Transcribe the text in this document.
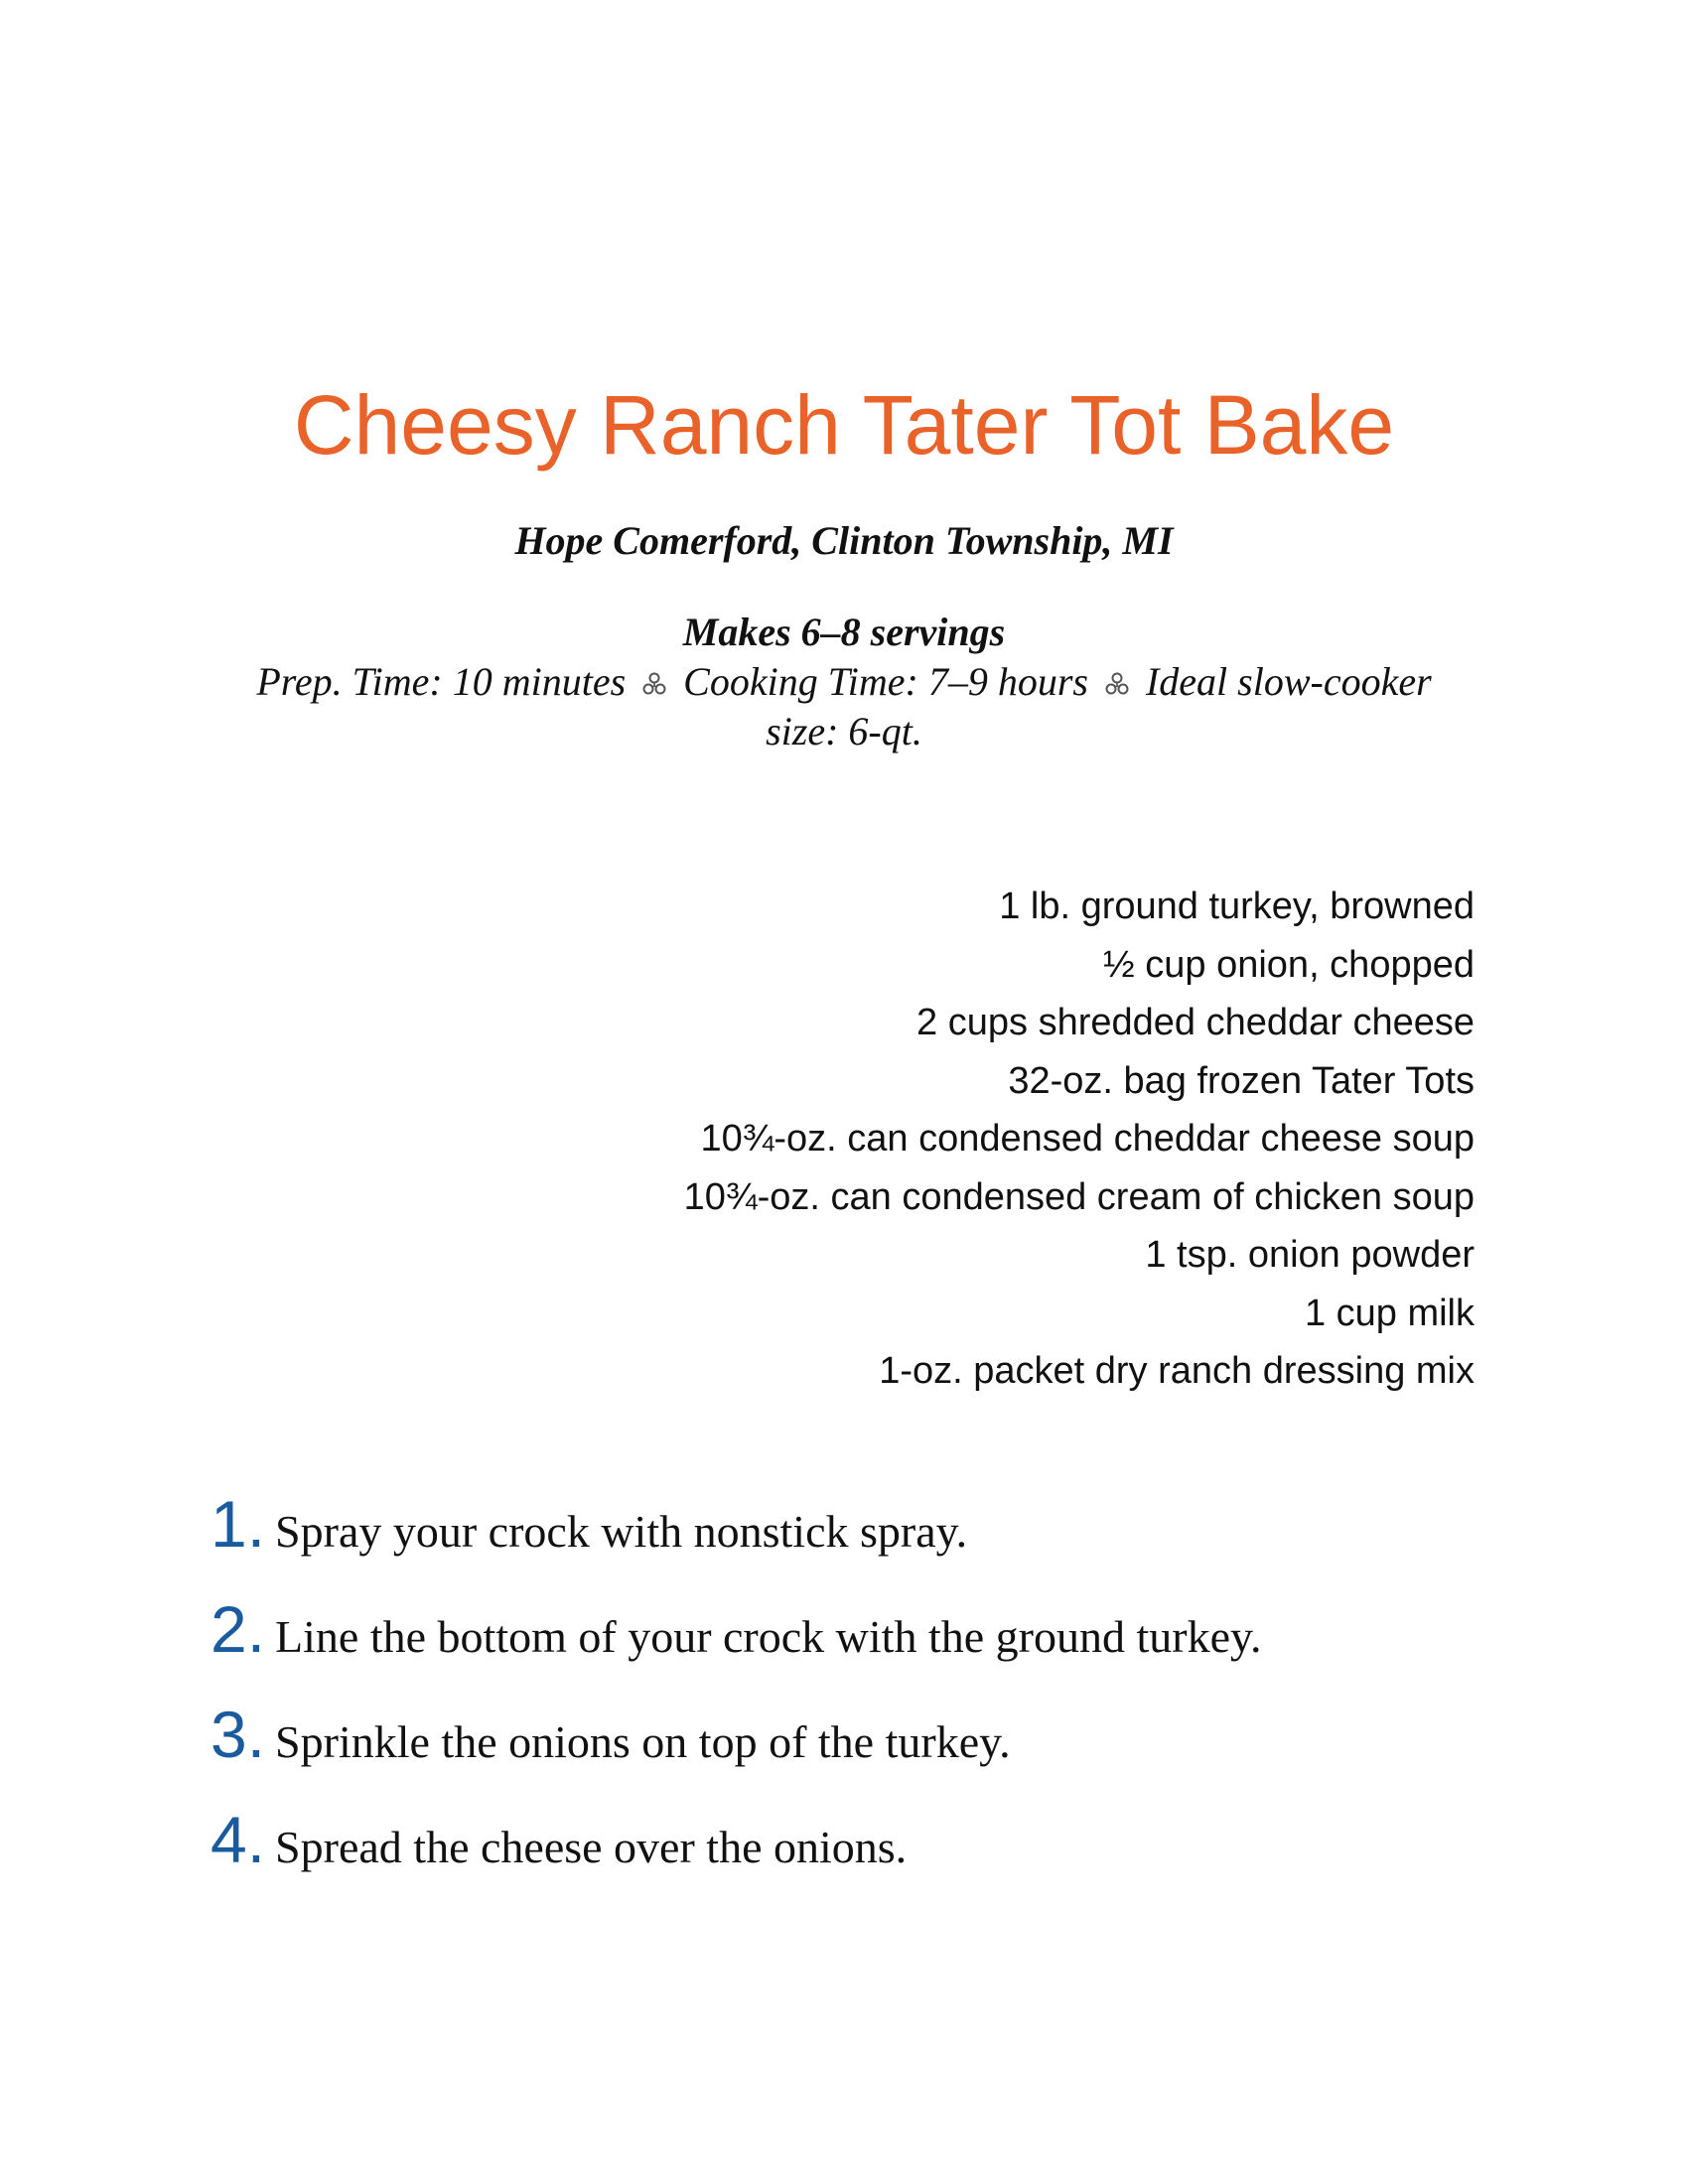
Cheesy Ranch Tater Tot Bake
Hope Comerford, Clinton Township, MI
Makes 6–8 servings
Prep. Time: 10 minutes Cooking Time: 7–9 hours Ideal slow-cooker size: 6-qt.
1 lb. ground turkey, browned
½ cup onion, chopped
2 cups shredded cheddar cheese
32-oz. bag frozen Tater Tots
10¾-oz. can condensed cheddar cheese soup
10¾-oz. can condensed cream of chicken soup
1 tsp. onion powder
1 cup milk
1-oz. packet dry ranch dressing mix
1. Spray your crock with nonstick spray.
2. Line the bottom of your crock with the ground turkey.
3. Sprinkle the onions on top of the turkey.
4. Spread the cheese over the onions.
